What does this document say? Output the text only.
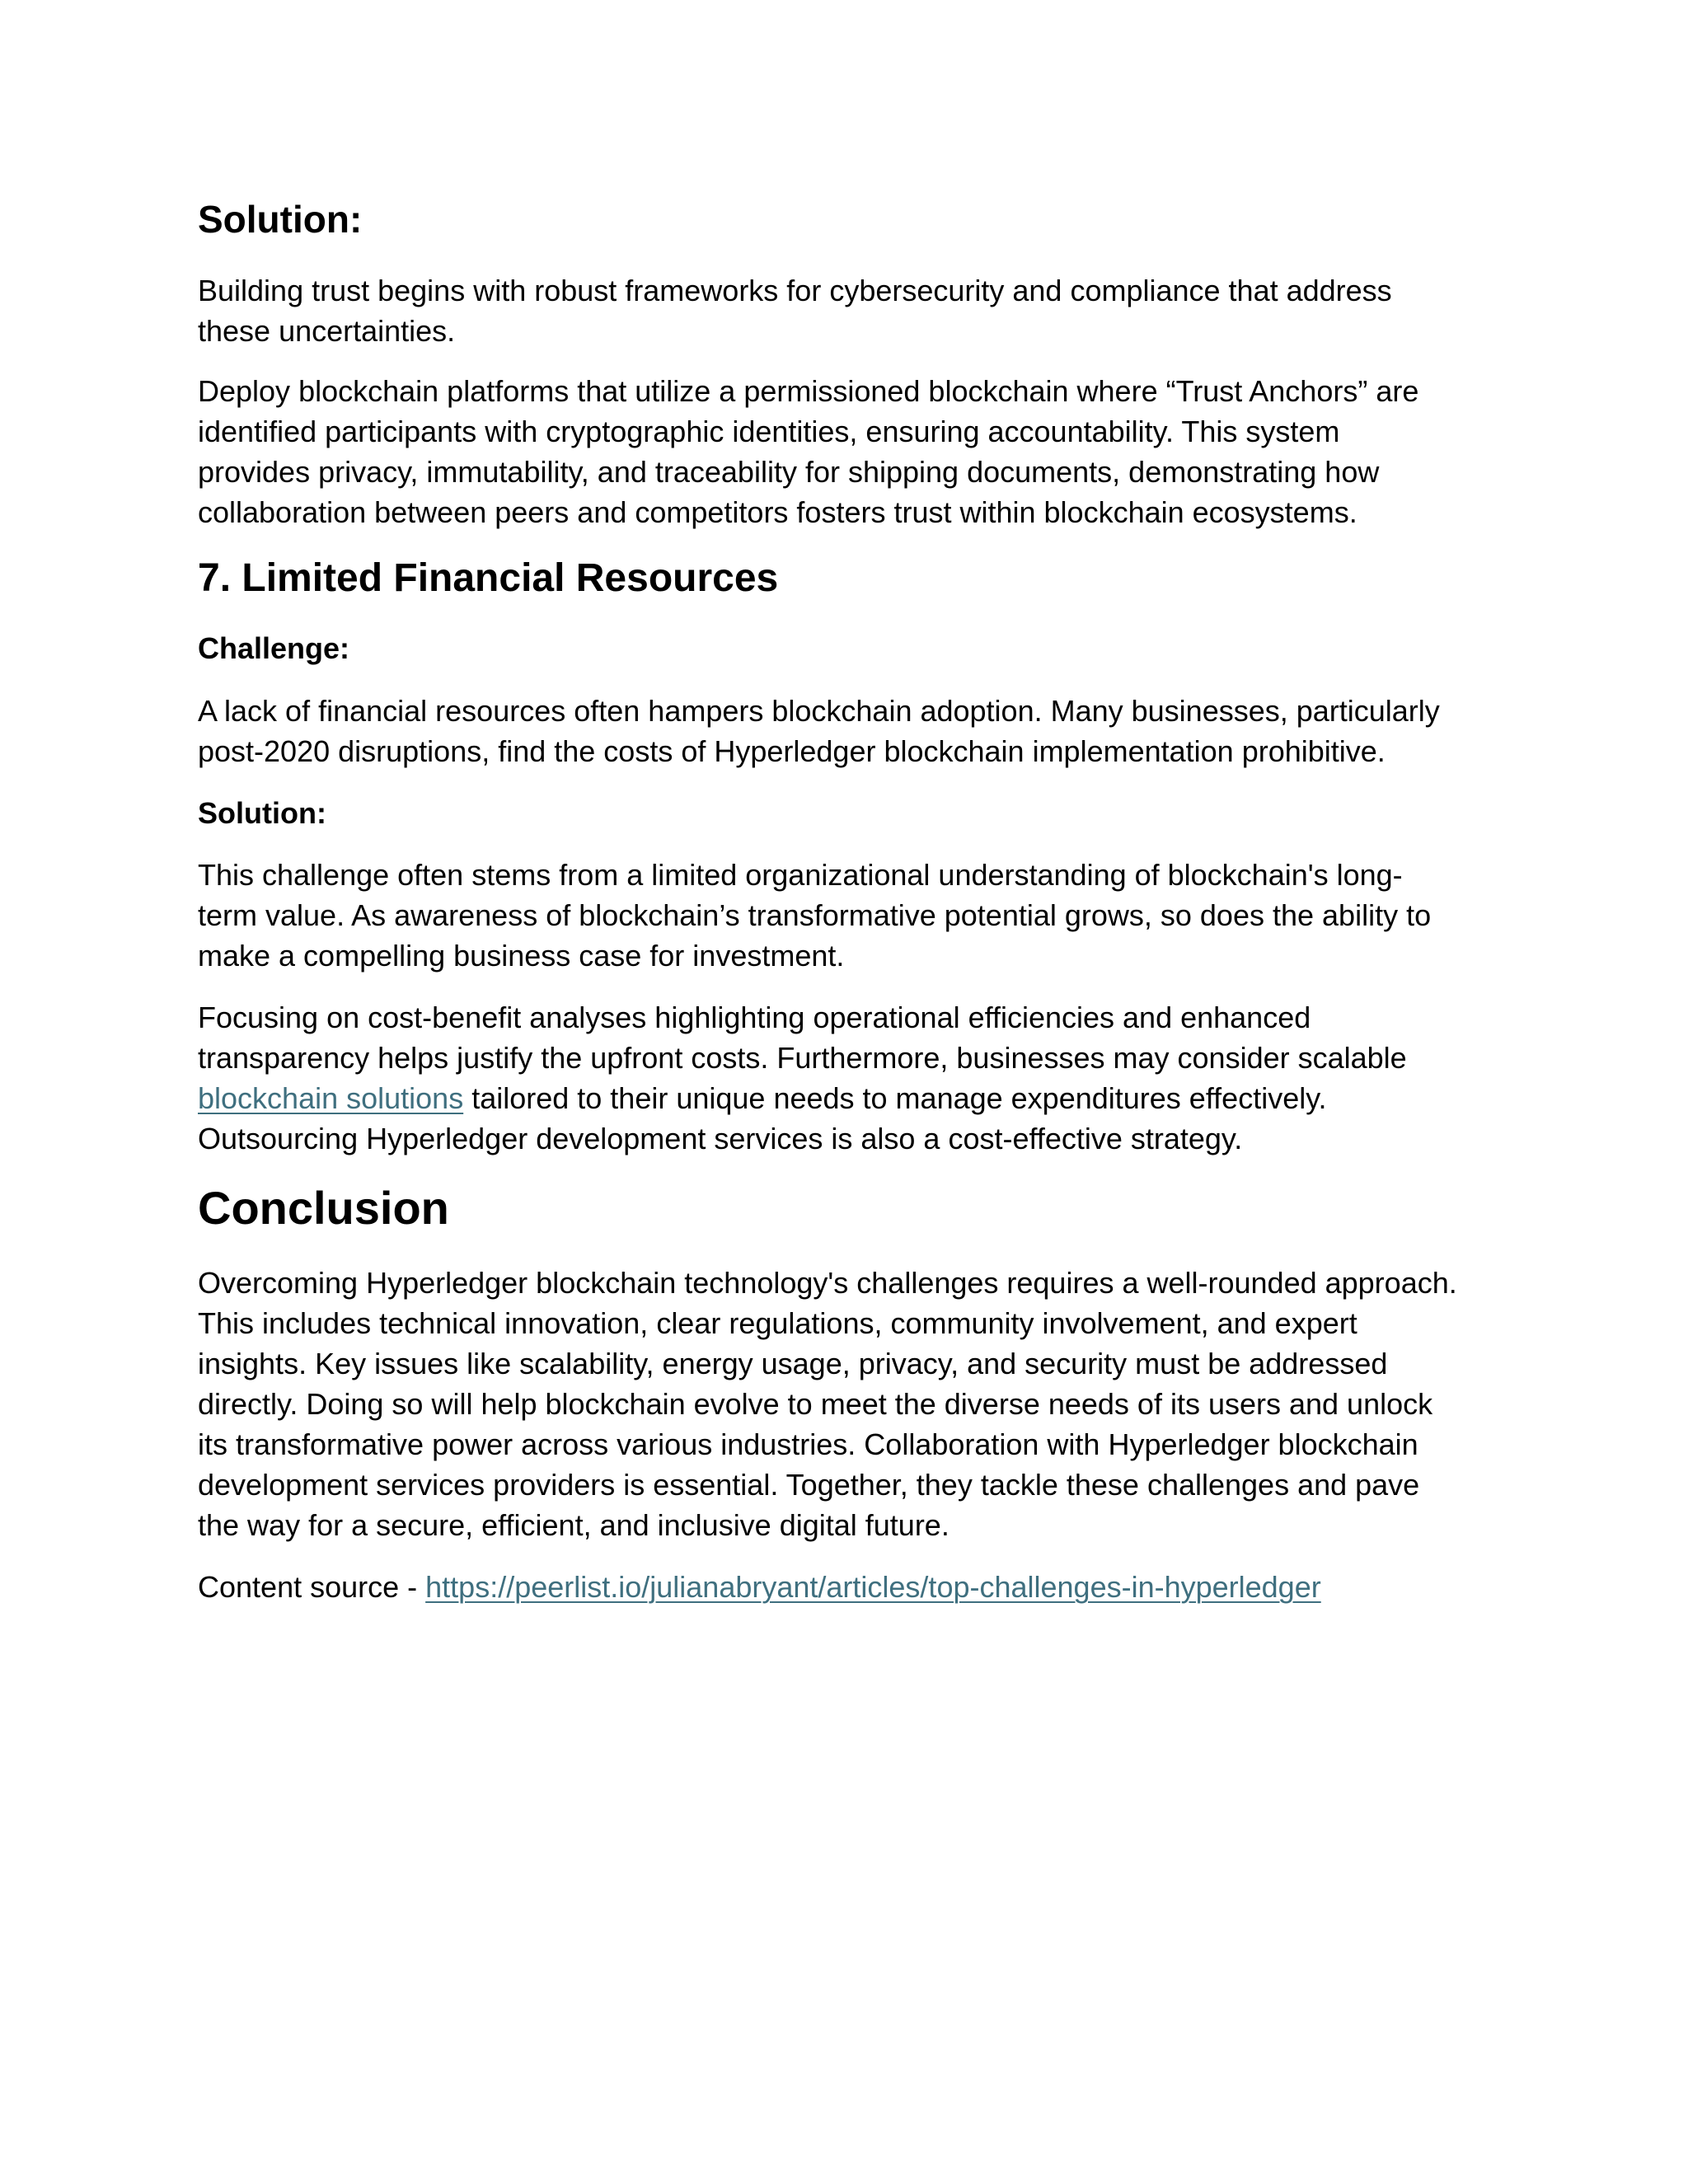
Solution:

Building trust begins with robust frameworks for cybersecurity and compliance that address
these uncertainties.

Deploy blockchain platforms that utilize a permissioned blockchain where “Trust Anchors” are
identified participants with cryptographic identities, ensuring accountability. This system
provides privacy, immutability, and traceability for shipping documents, demonstrating how
collaboration between peers and competitors fosters trust within blockchain ecosystems.

7. Limited Financial Resources
Challenge:

A lack of financial resources often hampers blockchain adoption. Many businesses, particularly
post-2020 disruptions, find the costs of Hyperledger blockchain implementation prohibitive.

Solution:

This challenge often stems from a limited organizational understanding of blockchain's long-
term value. As awareness of blockchain’s transformative potential grows, so does the ability to
make a compelling business case for investment.

Focusing on cost-benefit analyses highlighting operational efficiencies and enhanced
transparency helps justify the upfront costs. Furthermore, businesses may consider scalable
blockchain solutions tailored to their unique needs to manage expenditures effectively.
Outsourcing Hyperledger development services is also a cost-effective strategy.

Conclusion

Overcoming Hyperledger blockchain technology's challenges requires a well-rounded approach.
This includes technical innovation, clear regulations, community involvement, and expert
insights. Key issues like scalability, energy usage, privacy, and security must be addressed
directly. Doing so will help blockchain evolve to meet the diverse needs of its users and unlock
its transformative power across various industries. Collaboration with Hyperledger blockchain
development services providers is essential. Together, they tackle these challenges and pave
the way for a secure, efficient, and inclusive digital future.

Content source - https://peerlist.io/julianabryant/articles/top-challenges-in-hyperledger
